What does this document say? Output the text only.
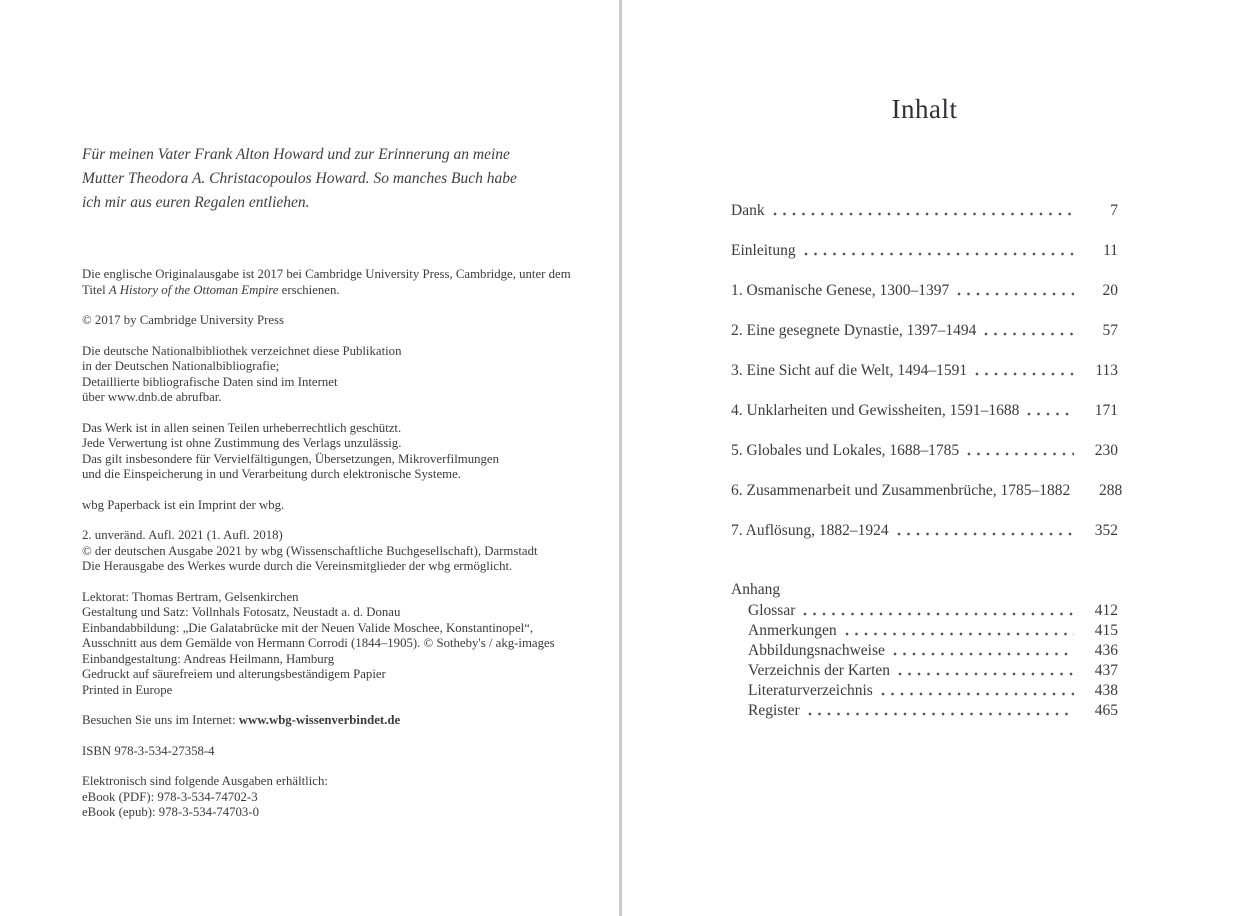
Für meinen Vater Frank Alton Howard und zur Erinnerung an meine
Mutter Theodora A. Christacopoulos Howard. So manches Buch habe
ich mir aus euren Regalen entliehen.

Die englische Originalausgabe ist 2017 bei Cambridge University Press, Cambridge, unter dem Titel A History of the Ottoman Empire erschienen.

© 2017 by Cambridge University Press

Die deutsche Nationalbibliothek verzeichnet diese Publikation
in der Deutschen Nationalbibliografie;
Detaillierte bibliografische Daten sind im Internet
über www.dnb.de abrufbar.

Das Werk ist in allen seinen Teilen urheberrechtlich geschützt.
Jede Verwertung ist ohne Zustimmung des Verlags unzulässig.
Das gilt insbesondere für Vervielfältigungen, Übersetzungen, Mikroverfilmungen
und die Einspeicherung in und Verarbeitung durch elektronische Systeme.

wbg Paperback ist ein Imprint der wbg.

2. unveränd. Aufl. 2021 (1. Aufl. 2018)
© der deutschen Ausgabe 2021 by wbg (Wissenschaftliche Buchgesellschaft), Darmstadt
Die Herausgabe des Werkes wurde durch die Vereinsmitglieder der wbg ermöglicht.

Lektorat: Thomas Bertram, Gelsenkirchen
Gestaltung und Satz: Vollnhals Fotosatz, Neustadt a. d. Donau
Einbandabbildung: „Die Galatabrücke mit der Neuen Valide Moschee, Konstantinopel“,
Ausschnitt aus dem Gemälde von Hermann Corrodi (1844–1905). © Sotheby's / akg-images
Einbandgestaltung: Andreas Heilmann, Hamburg
Gedruckt auf säurefreiem und alterungsbeständigem Papier
Printed in Europe

Besuchen Sie uns im Internet: www.wbg-wissenverbindet.de

ISBN 978-3-534-27358-4

Elektronisch sind folgende Ausgaben erhältlich:
eBook (PDF): 978-3-534-74702-3
eBook (epub): 978-3-534-74703-0

Inhalt
Dank	7
Einleitung	11
1. Osmanische Genese, 1300–1397	20
2. Eine gesegnete Dynastie, 1397–1494	57
3. Eine Sicht auf die Welt, 1494–1591	113
4. Unklarheiten und Gewissheiten, 1591–1688	171
5. Globales und Lokales, 1688–1785	230
6. Zusammenarbeit und Zusammenbrüche, 1785–1882	288
7. Auflösung, 1882–1924	352
Anhang
Glossar	412
Anmerkungen	415
Abbildungsnachweise	436
Verzeichnis der Karten	437
Literaturverzeichnis	438
Register	465
